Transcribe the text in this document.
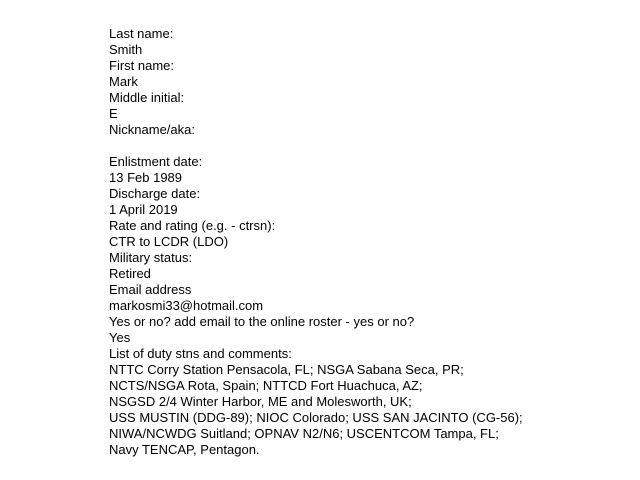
Last name:
Smith
First name:
Mark
Middle initial:
E
Nickname/aka:
Enlistment date:
13 Feb 1989
Discharge date:
1 April 2019
Rate and rating (e.g. - ctrsn):
CTR to LCDR (LDO)
Military status:
Retired
Email address
markosmi33@hotmail.com
Yes or no? add email to the online roster - yes or no?
Yes
List of duty stns and comments:
NTTC Corry Station Pensacola, FL; NSGA Sabana Seca, PR;
NCTS/NSGA Rota, Spain; NTTCD Fort Huachuca, AZ;
NSGSD 2/4 Winter Harbor, ME and Molesworth, UK;
USS MUSTIN (DDG-89); NIOC Colorado; USS SAN JACINTO (CG-56);
NIWA/NCWDG Suitland; OPNAV N2/N6; USCENTCOM Tampa, FL;
Navy TENCAP, Pentagon.
